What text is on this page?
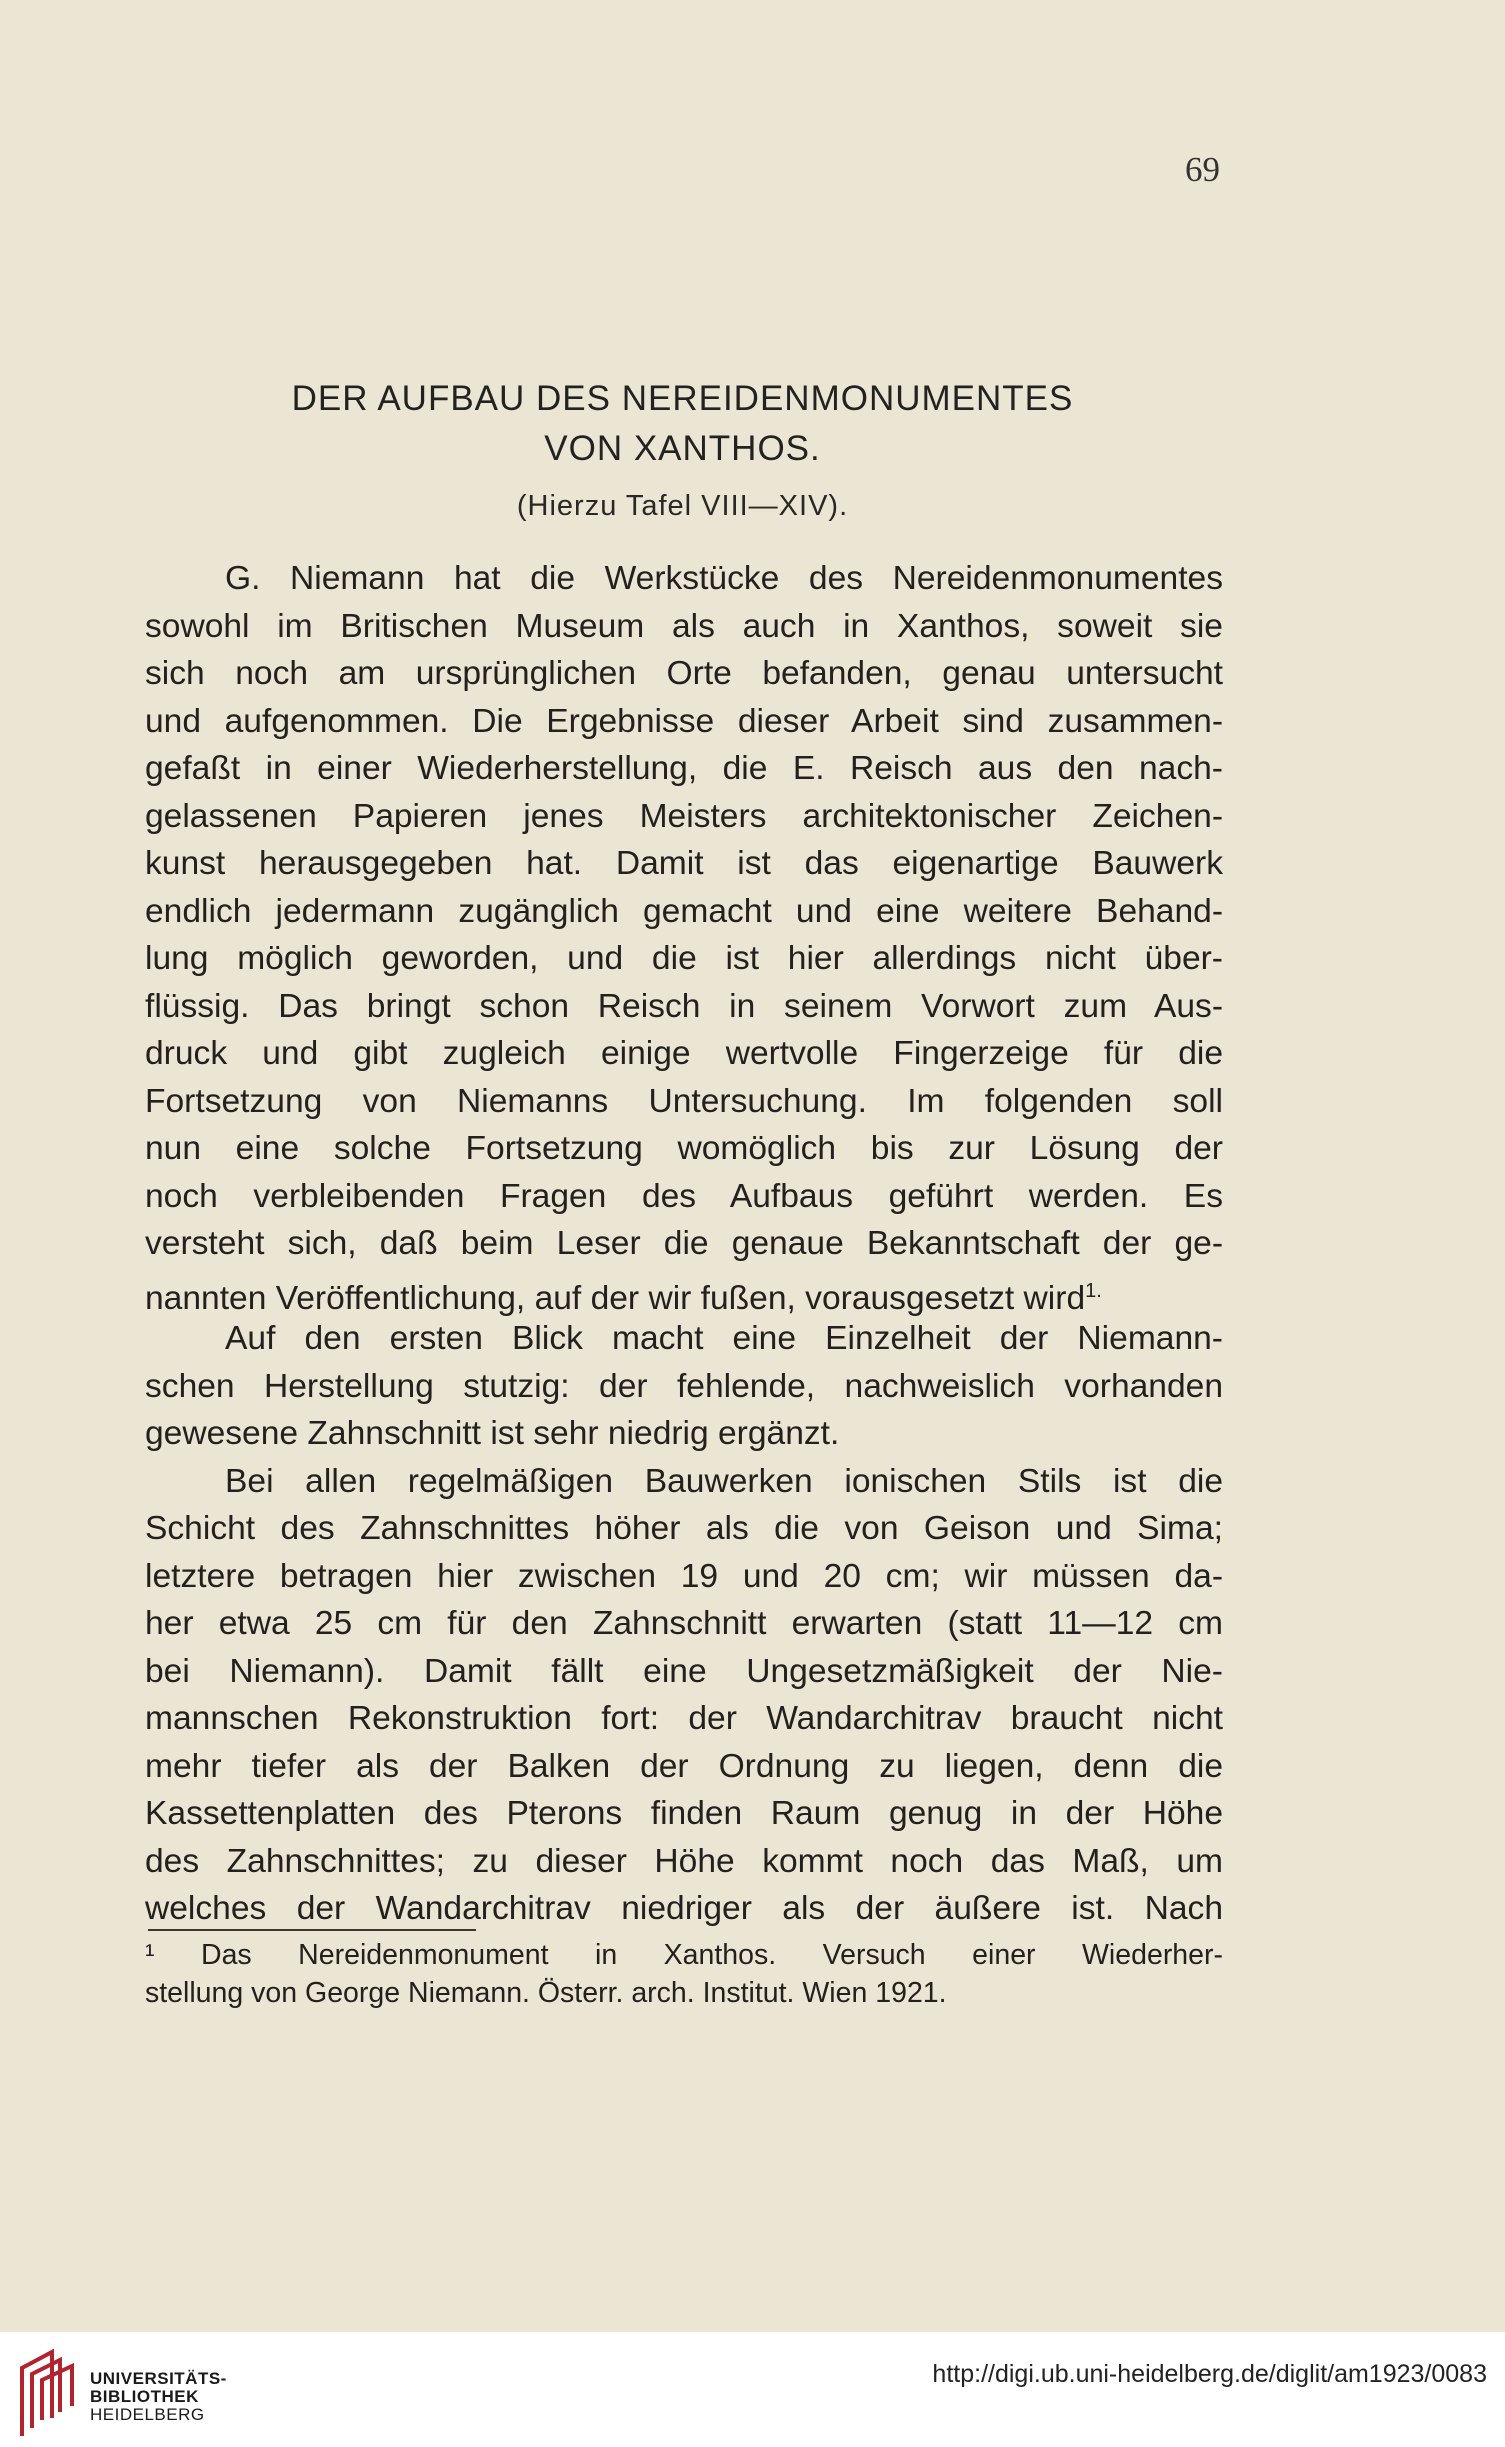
69
DER AUFBAU DES NEREIDENMONUMENTES
VON XANTHOS.
(Hierzu Tafel VIII—XIV).
G. Niemann hat die Werkstücke des Nereidenmonumentes
sowohl im Britischen Museum als auch in Xanthos, soweit sie
sich noch am ursprünglichen Orte befanden, genau untersucht
und aufgenommen. Die Ergebnisse dieser Arbeit sind zusammen-
gefaßt in einer Wiederherstellung, die E. Reisch aus den nach-
gelassenen Papieren jenes Meisters architektonischer Zeichen-
kunst herausgegeben hat. Damit ist das eigenartige Bauwerk
endlich jedermann zugänglich gemacht und eine weitere Behand-
lung möglich geworden, und die ist hier allerdings nicht über-
flüssig. Das bringt schon Reisch in seinem Vorwort zum Aus-
druck und gibt zugleich einige wertvolle Fingerzeige für die
Fortsetzung von Niemanns Untersuchung. Im folgenden soll
nun eine solche Fortsetzung womöglich bis zur Lösung der
noch verbleibenden Fragen des Aufbaus geführt werden. Es
versteht sich, daß beim Leser die genaue Bekanntschaft der ge-
nannten Veröffentlichung, auf der wir fußen, vorausgesetzt wird$^{1.}$
Auf den ersten Blick macht eine Einzelheit der Niemann-
schen Herstellung stutzig: der fehlende, nachweislich vorhanden
gewesene Zahnschnitt ist sehr niedrig ergänzt.
Bei allen regelmäßigen Bauwerken ionischen Stils ist die
Schicht des Zahnschnittes höher als die von Geison und Sima;
letztere betragen hier zwischen 19 und 20 cm; wir müssen da-
her etwa 25 cm für den Zahnschnitt erwarten (statt 11—12 cm
bei Niemann). Damit fällt eine Ungesetzmäßigkeit der Nie-
mannschen Rekonstruktion fort: der Wandarchitrav braucht nicht
mehr tiefer als der Balken der Ordnung zu liegen, denn die
Kassettenplatten des Pterons finden Raum genug in der Höhe
des Zahnschnittes; zu dieser Höhe kommt noch das Maß, um
welches der Wandarchitrav niedriger als der äußere ist. Nach
¹ Das Nereidenmonument in Xanthos. Versuch einer Wiederher-
stellung von George Niemann. Österr. arch. Institut. Wien 1921.
UNIVERSITÄTS-
BIBLIOTHEK
HEIDELBERG
http://digi.ub.uni-heidelberg.de/diglit/am1923/0083
